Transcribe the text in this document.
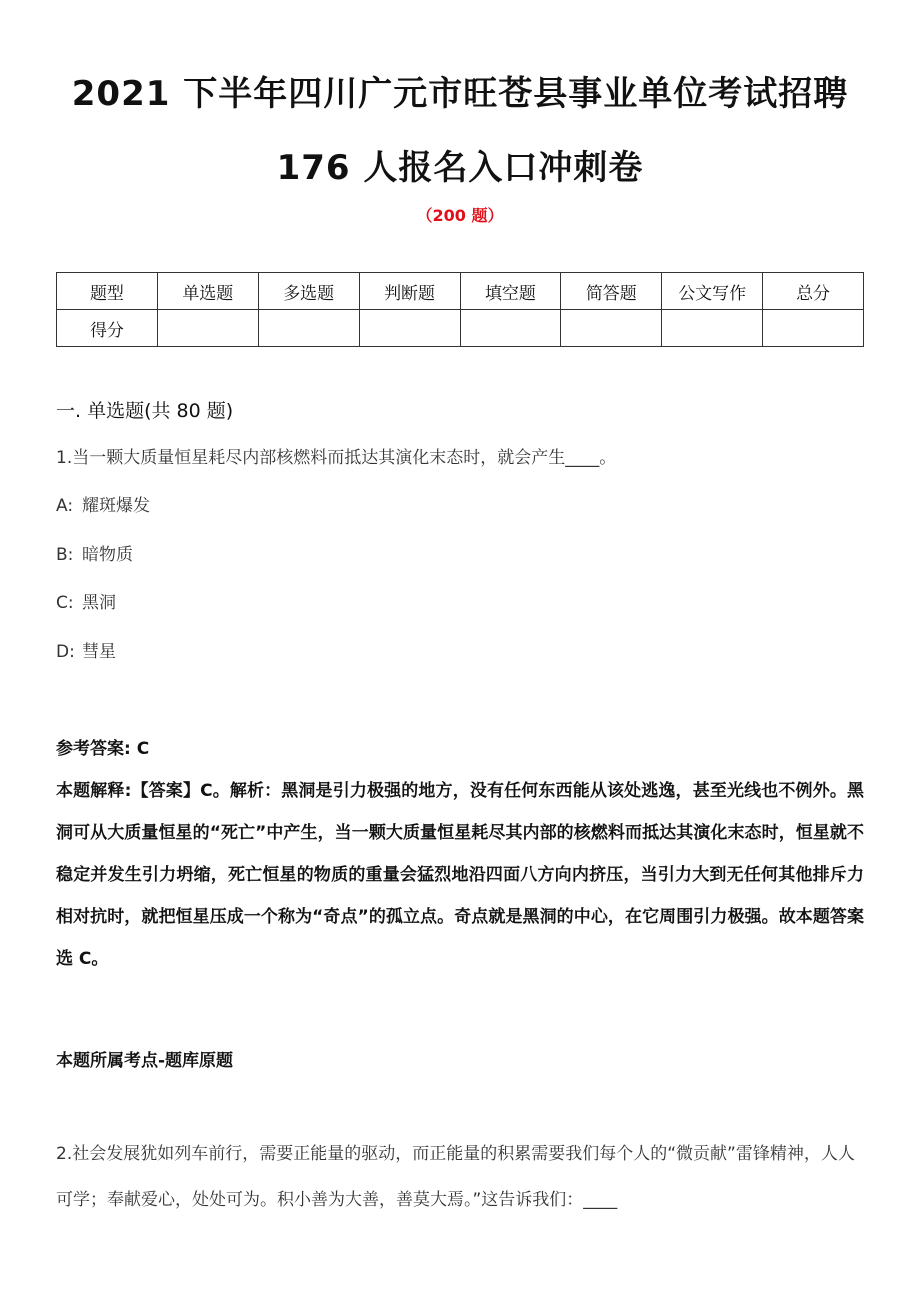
2021 下半年四川广元市旺苍县事业单位考试招聘
176 人报名入口冲刺卷
（200 题）
题型	单选题	多选题	判断题	填空题	简答题	公文写作	总分
得分							
一. 单选题(共 80 题)
1.当一颗大质量恒星耗尽内部核燃料而抵达其演化末态时，就会产生____。
A: 耀斑爆发
B: 暗物质
C: 黑洞
D: 彗星
参考答案: C
本题解释:【答案】C。解析：黑洞是引力极强的地方，没有任何东西能从该处逃逸，甚至光线也不例外。黑洞可从大质量恒星的“死亡”中产生，当一颗大质量恒星耗尽其内部的核燃料而抵达其演化末态时，恒星就不稳定并发生引力坍缩，死亡恒星的物质的重量会猛烈地沿四面八方向内挤压，当引力大到无任何其他排斥力相对抗时，就把恒星压成一个称为“奇点”的孤立点。奇点就是黑洞的中心，在它周围引力极强。故本题答案选 C。
本题所属考点-题库原题
2.社会发展犹如列车前行，需要正能量的驱动，而正能量的积累需要我们每个人的“微贡献”雷锋精神，人人可学；奉献爱心，处处可为。积小善为大善，善莫大焉。”这告诉我们：____
